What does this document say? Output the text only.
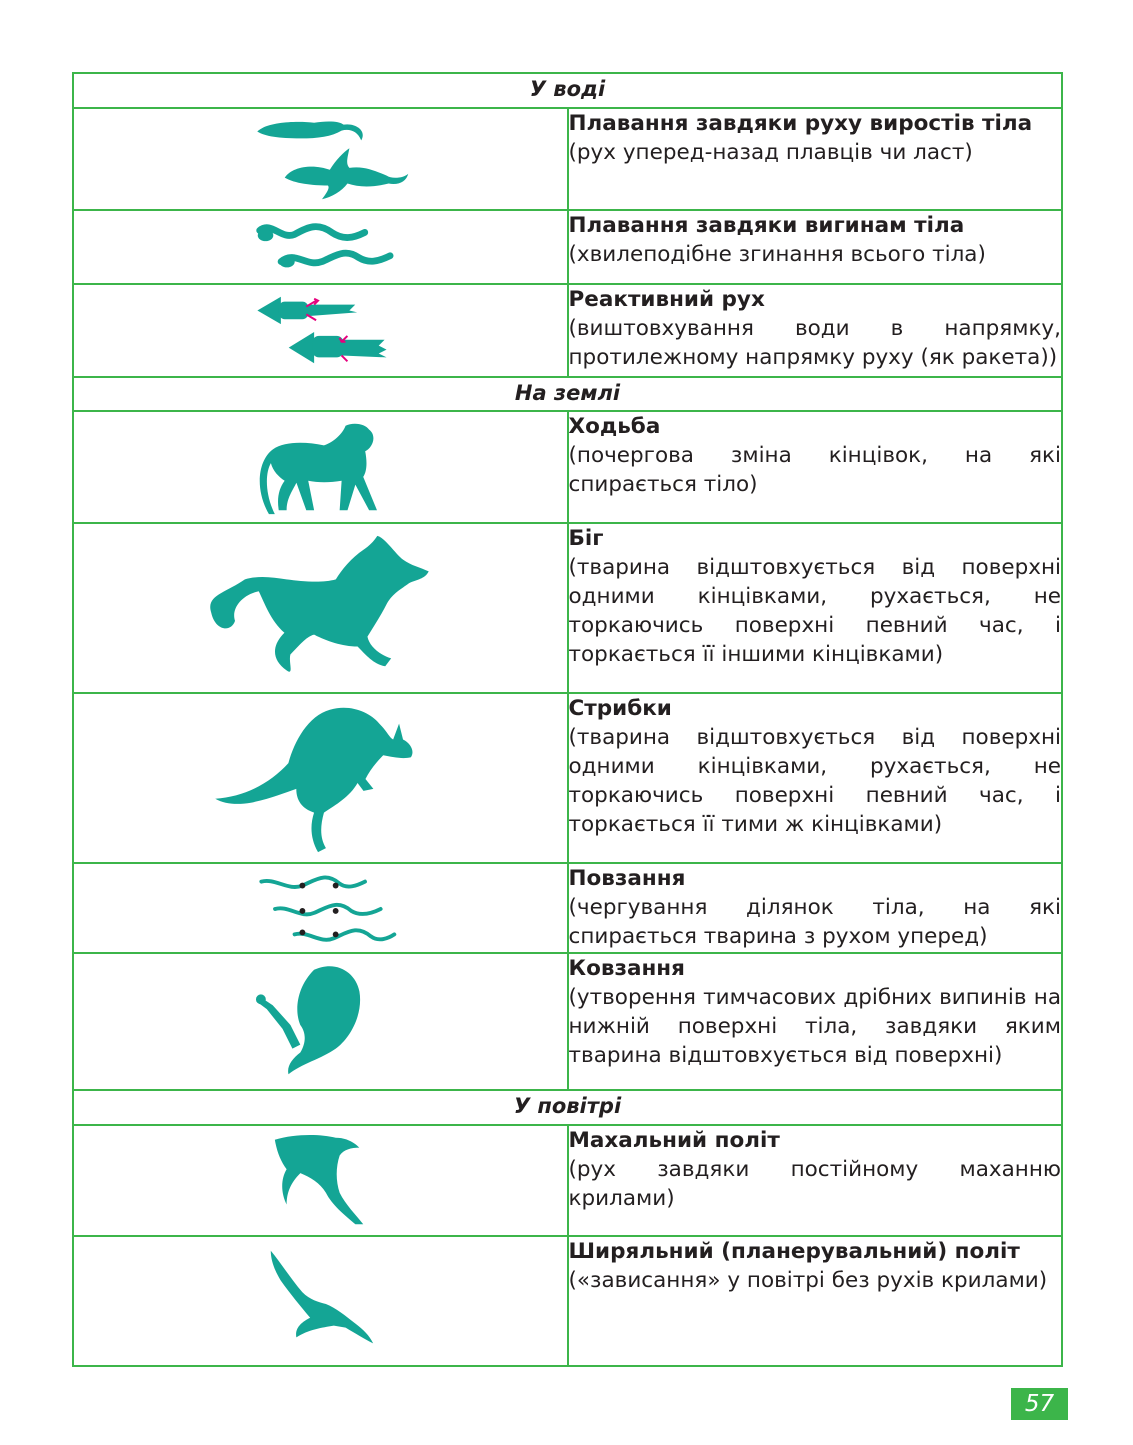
У воді	

Плавання завдяки руху виростів тіла
(рух уперед-назад плавців чи ласт)

Плавання завдяки вигинам тіла
(хвилеподібне згинання всього тіла)

Реактивний рух
(виштовхування води в напрямку, протилежному напрямку руху (як ракета))

На землі	

Ходьба
(почергова зміна кінцівок, на які спирається тіло)

Біг
(тварина відштовхується від поверхні одними кінцівками, рухається, не торкаючись поверхні певний час, і торкається її іншими кінцівками)

Стрибки
(тварина відштовхується від поверхні одними кінцівками, рухається, не торкаючись поверхні певний час, і торкається її тими ж кінцівками)

Повзання
(чергування ділянок тіла, на які спирається тварина з рухом уперед)

Ковзання
(утворення тимчасових дрібних випинів на нижній поверхні тіла, завдяки яким тварина відштовхується від поверхні)

У повітрі	

Махальний політ
(рух завдяки постійному маханню крилами)

Ширяльний (планерувальний) політ
(«зависання» у повітрі без рухів крилами)
57
